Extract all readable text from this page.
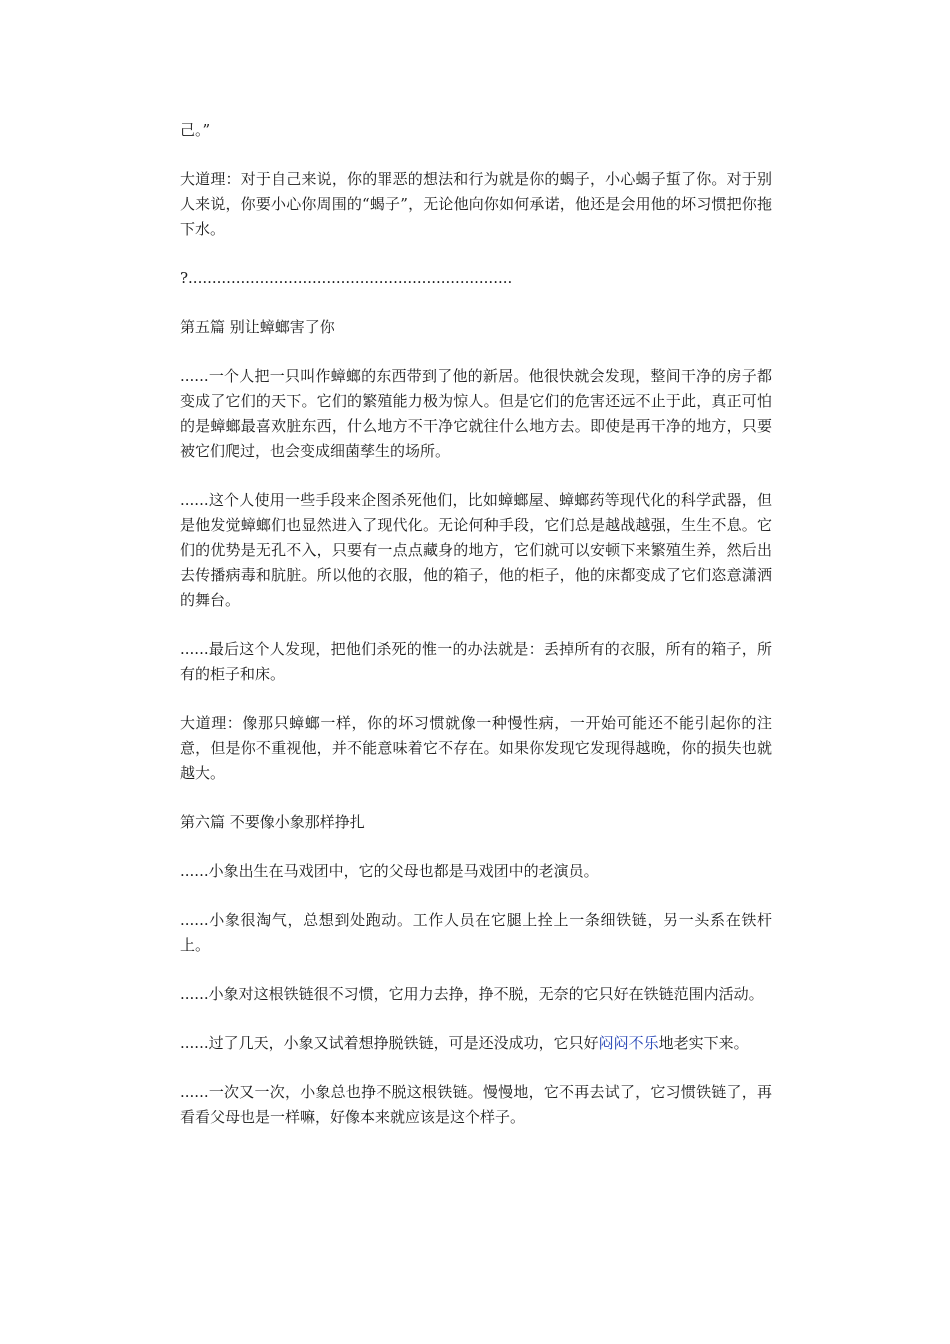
己。”

大道理：对于自己来说，你的罪恶的想法和行为就是你的蝎子，小心蝎子蜇了你。对于别人来说，你要小心你周围的“蝎子”，无论他向你如何承诺，他还是会用他的坏习惯把你拖下水。

?....................................................................

第五篇 别让蟑螂害了你

......一个人把一只叫作蟑螂的东西带到了他的新居。他很快就会发现，整间干净的房子都变成了它们的天下。它们的繁殖能力极为惊人。但是它们的危害还远不止于此，真正可怕的是蟑螂最喜欢脏东西，什么地方不干净它就往什么地方去。即使是再干净的地方，只要被它们爬过，也会变成细菌孳生的场所。

......这个人使用一些手段来企图杀死他们，比如蟑螂屋、蟑螂药等现代化的科学武器，但是他发觉蟑螂们也显然进入了现代化。无论何种手段，它们总是越战越强，生生不息。它们的优势是无孔不入，只要有一点点藏身的地方，它们就可以安顿下来繁殖生养，然后出去传播病毒和肮脏。所以他的衣服，他的箱子，他的柜子，他的床都变成了它们恣意潇洒的舞台。

......最后这个人发现，把他们杀死的惟一的办法就是：丢掉所有的衣服，所有的箱子，所有的柜子和床。

大道理：像那只蟑螂一样，你的坏习惯就像一种慢性病，一开始可能还不能引起你的注意，但是你不重视他，并不能意味着它不存在。如果你发现它发现得越晚，你的损失也就越大。

第六篇 不要像小象那样挣扎

......小象出生在马戏团中，它的父母也都是马戏团中的老演员。

......小象很淘气，总想到处跑动。工作人员在它腿上拴上一条细铁链，另一头系在铁杆上。

......小象对这根铁链很不习惯，它用力去挣，挣不脱，无奈的它只好在铁链范围内活动。

......过了几天，小象又试着想挣脱铁链，可是还没成功，它只好闷闷不乐地老实下来。

......一次又一次，小象总也挣不脱这根铁链。慢慢地，它不再去试了，它习惯铁链了，再看看父母也是一样嘛，好像本来就应该是这个样子。
